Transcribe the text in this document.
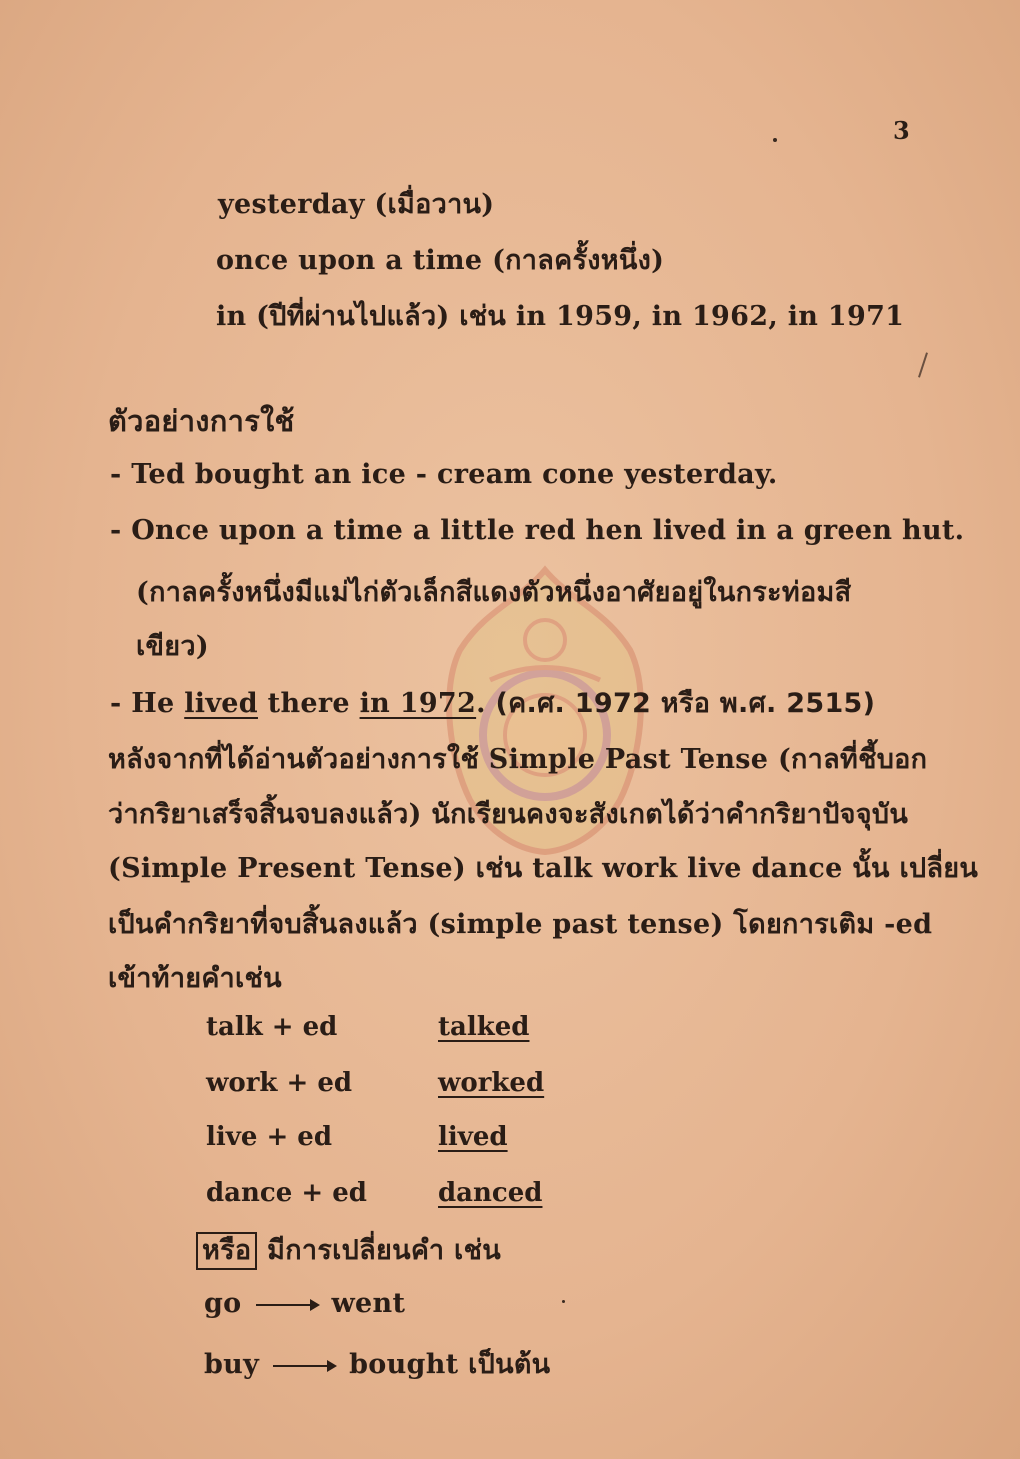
3
yesterday (เมื่อวาน)
once upon a time (กาลครั้งหนึ่ง)
in (ปีที่ผ่านไปแล้ว) เช่น in 1959, in 1962, in 1971
ตัวอย่างการใช้
- Ted bought an ice - cream cone yesterday.
- Once upon a time a little red hen lived in a green hut.
(กาลครั้งหนึ่งมีแม่ไก่ตัวเล็กสีแดงตัวหนึ่งอาศัยอยู่ในกระท่อมสี
เขียว)
- He lived there in 1972. (ค.ศ. 1972 หรือ พ.ศ. 2515)
หลังจากที่ได้อ่านตัวอย่างการใช้ Simple Past Tense (กาลที่ชี้บอก
ว่ากริยาเสร็จสิ้นจบลงแล้ว) นักเรียนคงจะสังเกตได้ว่าคำกริยาปัจจุบัน
(Simple Present Tense) เช่น talk work live dance นั้น เปลี่ยน
เป็นคำกริยาที่จบสิ้นลงแล้ว (simple past tense) โดยการเติม -ed
เข้าท้ายคำเช่น
talk + ed	talked
work + ed	worked
live + ed	lived
dance + ed	danced
หรือ มีการเปลี่ยนคำ เช่น
go	went
buy	bought เป็นต้น
